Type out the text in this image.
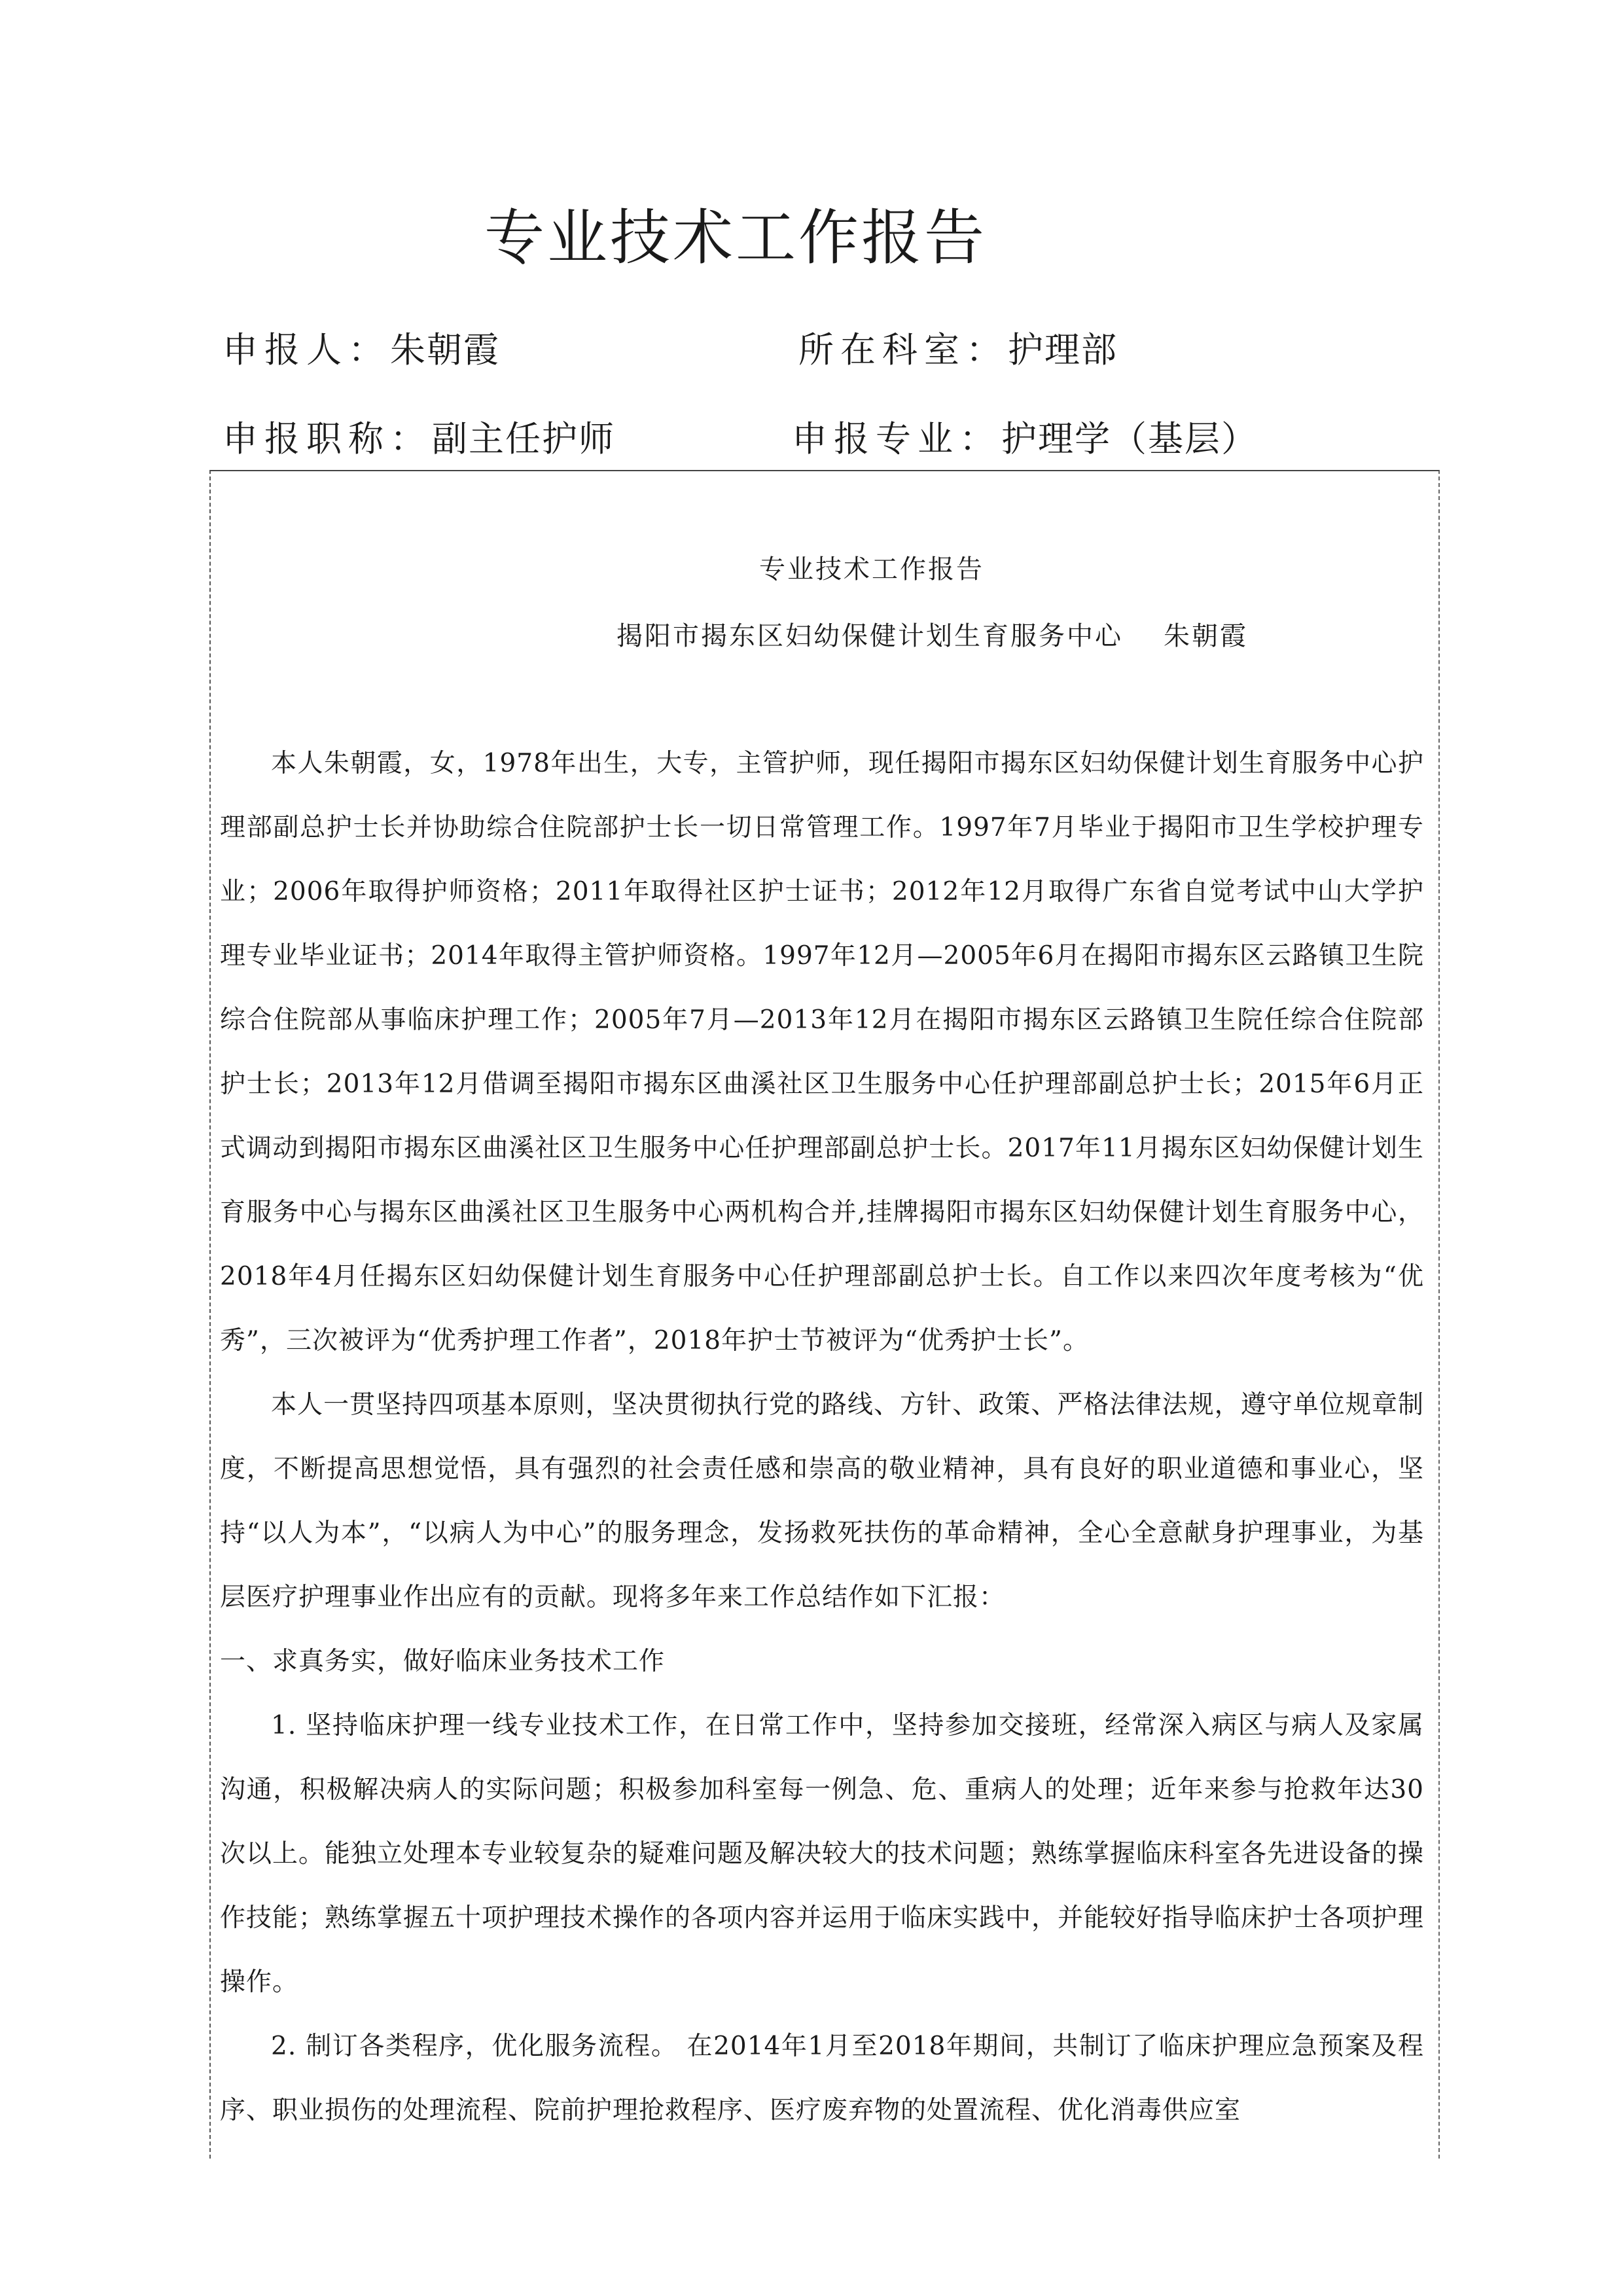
专业技术工作报告
申报人：朱朝霞	所在科室：护理部
申报职称：副主任护师	申报专业：护理学（基层）
专业技术工作报告
揭阳市揭东区妇幼保健计划生育服务中心 朱朝霞

本人朱朝霞，女，1978年出生，大专，主管护师，现任揭阳市揭东区妇幼保健计划生育服务中心护理部副总护士长并协助综合住院部护士长一切日常管理工作。1997年7月毕业于揭阳市卫生学校护理专业；2006年取得护师资格；2011年取得社区护士证书；2012年12月取得广东省自觉考试中山大学护理专业毕业证书；2014年取得主管护师资格。1997年12月—2005年6月在揭阳市揭东区云路镇卫生院综合住院部从事临床护理工作；2005年7月—2013年12月在揭阳市揭东区云路镇卫生院任综合住院部护士长；2013年12月借调至揭阳市揭东区曲溪社区卫生服务中心任护理部副总护士长；2015年6月正式调动到揭阳市揭东区曲溪社区卫生服务中心任护理部副总护士长。2017年11月揭东区妇幼保健计划生育服务中心与揭东区曲溪社区卫生服务中心两机构合并,挂牌揭阳市揭东区妇幼保健计划生育服务中心，2018年4月任揭东区妇幼保健计划生育服务中心任护理部副总护士长。自工作以来四次年度考核为“优秀”，三次被评为“优秀护理工作者”，2018年护士节被评为“优秀护士长”。

本人一贯坚持四项基本原则，坚决贯彻执行党的路线、方针、政策、严格法律法规，遵守单位规章制度，不断提高思想觉悟，具有强烈的社会责任感和崇高的敬业精神，具有良好的职业道德和事业心，坚持“以人为本”，“以病人为中心”的服务理念，发扬救死扶伤的革命精神，全心全意献身护理事业，为基层医疗护理事业作出应有的贡献。现将多年来工作总结作如下汇报：

一、求真务实，做好临床业务技术工作

1. 坚持临床护理一线专业技术工作，在日常工作中，坚持参加交接班，经常深入病区与病人及家属沟通，积极解决病人的实际问题；积极参加科室每一例急、危、重病人的处理；近年来参与抢救年达30次以上。能独立处理本专业较复杂的疑难问题及解决较大的技术问题；熟练掌握临床科室各先进设备的操作技能；熟练掌握五十项护理技术操作的各项内容并运用于临床实践中，并能较好指导临床护士各项护理操作。

2. 制订各类程序，优化服务流程。 在2014年1月至2018年期间，共制订了临床护理应急预案及程序、职业损伤的处理流程、院前护理抢救程序、医疗废弃物的处置流程、优化消毒供应室
